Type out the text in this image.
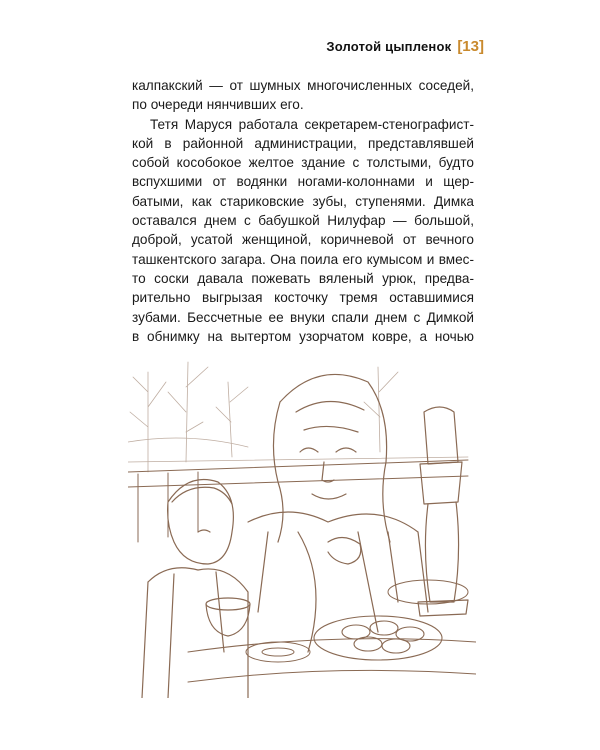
Золотой цыпленок [13]
калпакский — от шумных многочисленных соседей,
по очереди нянчивших его.
Тетя Маруся работала секретарем-стенографист-
кой в районной администрации, представлявшей
собой кособокое желтое здание с толстыми, будто
вспухшими от водянки ногами-колоннами и щер-
батыми, как стариковские зубы, ступенями. Димка
оставался днем с бабушкой Нилуфар — большой,
доброй, усатой женщиной, коричневой от вечного
ташкентского загара. Она поила его кумысом и вмес-
то соски давала пожевать вяленый урюк, предва-
рительно выгрызая косточку тремя оставшимися
зубами. Бессчетные ее внуки спали днем с Димкой
в обнимку на вытертом узорчатом ковре, а ночью
